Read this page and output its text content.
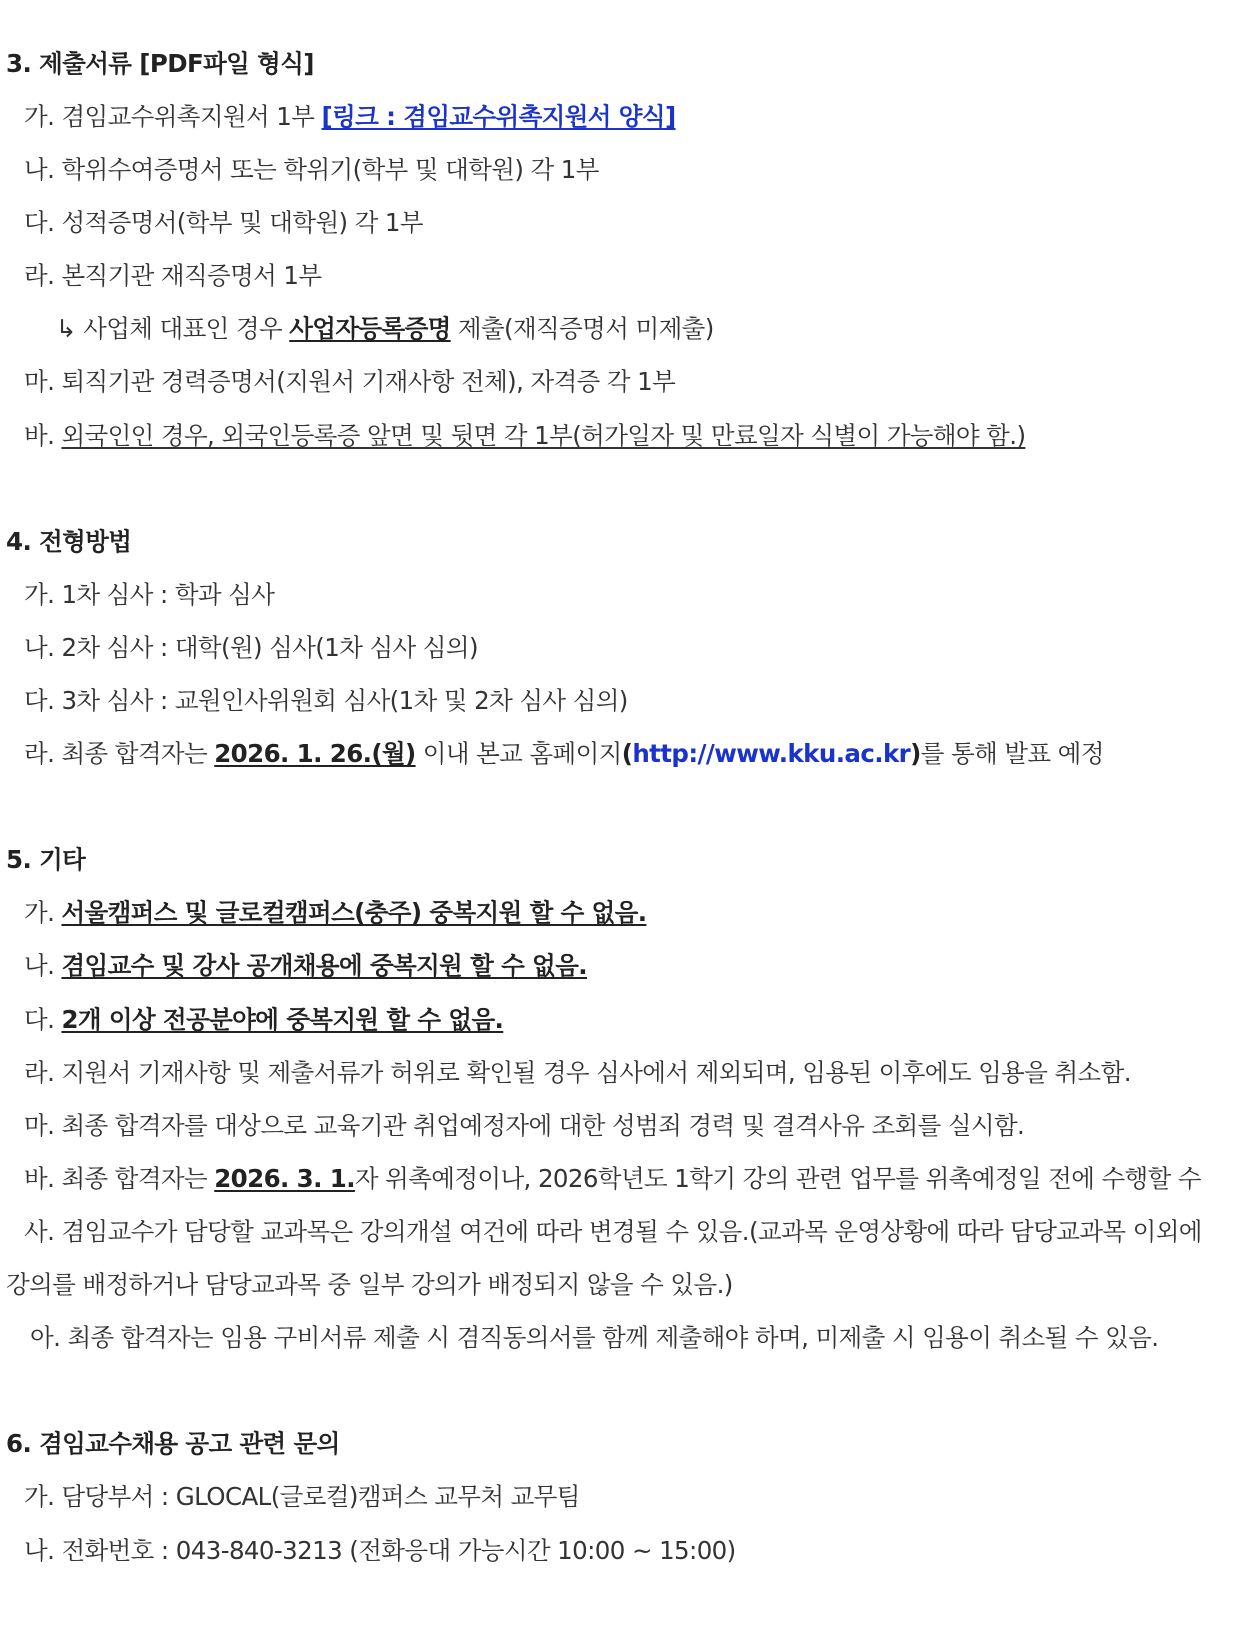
3. 제출서류 [PDF파일 형식]
가. 겸임교수위촉지원서 1부 [링크 : 겸임교수위촉지원서 양식]
나. 학위수여증명서 또는 학위기(학부 및 대학원) 각 1부
다. 성적증명서(학부 및 대학원) 각 1부
라. 본직기관 재직증명서 1부
↳ 사업체 대표인 경우 사업자등록증명 제출(재직증명서 미제출)
마. 퇴직기관 경력증명서(지원서 기재사항 전체), 자격증 각 1부
바. 외국인인 경우, 외국인등록증 앞면 및 뒷면 각 1부(허가일자 및 만료일자 식별이 가능해야 함.)
4. 전형방법
가. 1차 심사 : 학과 심사
나. 2차 심사 : 대학(원) 심사(1차 심사 심의)
다. 3차 심사 : 교원인사위원회 심사(1차 및 2차 심사 심의)
라. 최종 합격자는 2026. 1. 26.(월) 이내 본교 홈페이지(http://www.kku.ac.kr)를 통해 발표 예정
5. 기타
가. 서울캠퍼스 및 글로컬캠퍼스(충주) 중복지원 할 수 없음.
나. 겸임교수 및 강사 공개채용에 중복지원 할 수 없음.
다. 2개 이상 전공분야에 중복지원 할 수 없음.
라. 지원서 기재사항 및 제출서류가 허위로 확인될 경우 심사에서 제외되며, 임용된 이후에도 임용을 취소함.
마. 최종 합격자를 대상으로 교육기관 취업예정자에 대한 성범죄 경력 및 결격사유 조회를 실시함.
바. 최종 합격자는 2026. 3. 1.자 위촉예정이나, 2026학년도 1학기 강의 관련 업무를 위촉예정일 전에 수행할 수
사. 겸임교수가 담당할 교과목은 강의개설 여건에 따라 변경될 수 있음.(교과목 운영상황에 따라 담당교과목 이외에
강의를 배정하거나 담당교과목 중 일부 강의가 배정되지 않을 수 있음.)
아. 최종 합격자는 임용 구비서류 제출 시 겸직동의서를 함께 제출해야 하며, 미제출 시 임용이 취소될 수 있음.
6. 겸임교수채용 공고 관련 문의
가. 담당부서 : GLOCAL(글로컬)캠퍼스 교무처 교무팀
나. 전화번호 : 043-840-3213 (전화응대 가능시간 10:00 ~ 15:00)
